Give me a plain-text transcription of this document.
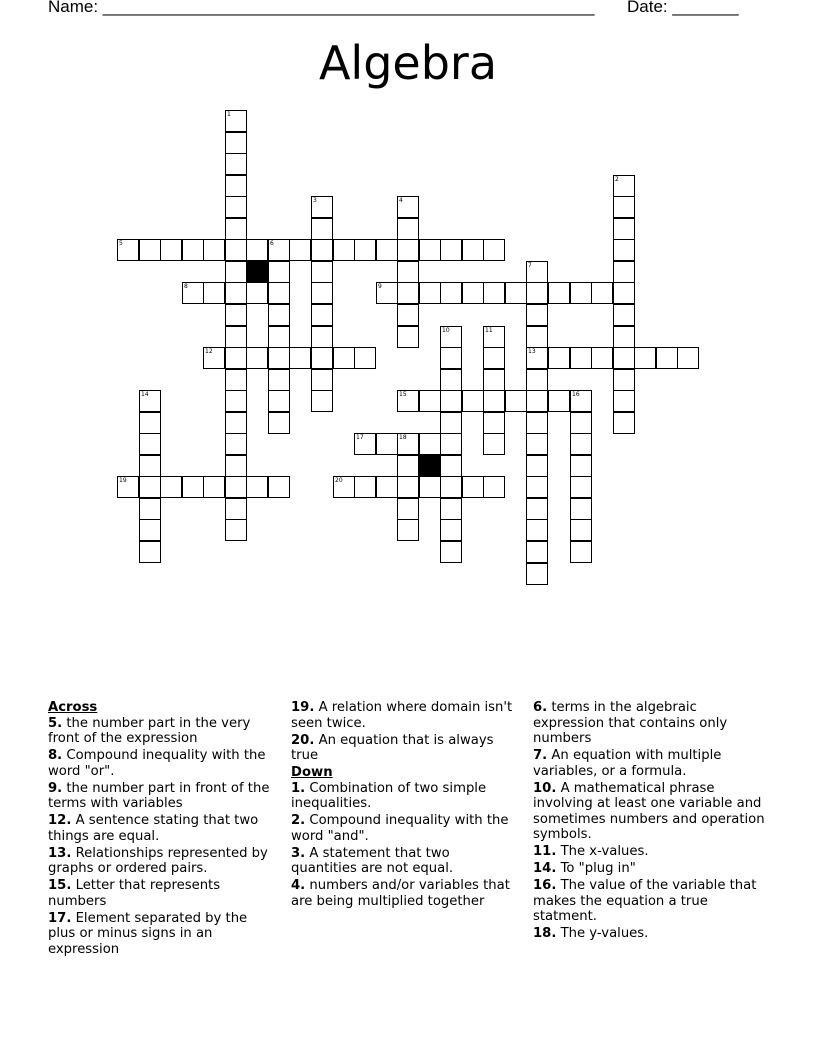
Name: ____________________________________________________ Date: _______
Algebra
5	6
8	9
12	13
15	16
17	18
19	20
1
2
3	4
7
10	11
14
Across
5. the number part in the very front of the expression
8. Compound inequality with the word "or".
9. the number part in front of the terms with variables
12. A sentence stating that two things are equal.
13. Relationships represented by graphs or ordered pairs.
15. Letter that represents numbers
17. Element separated by the plus or minus signs in an expression
19. A relation where domain isn't seen twice.
20. An equation that is always true
Down
1. Combination of two simple inequalities.
2. Compound inequality with the word "and".
3. A statement that two quantities are not equal.
4. numbers and/or variables that are being multiplied together
6. terms in the algebraic expression that contains only numbers
7. An equation with multiple variables, or a formula.
10. A mathematical phrase involving at least one variable and sometimes numbers and operation symbols.
11. The x-values.
14. To "plug in"
16. The value of the variable that makes the equation a true statment.
18. The y-values.
